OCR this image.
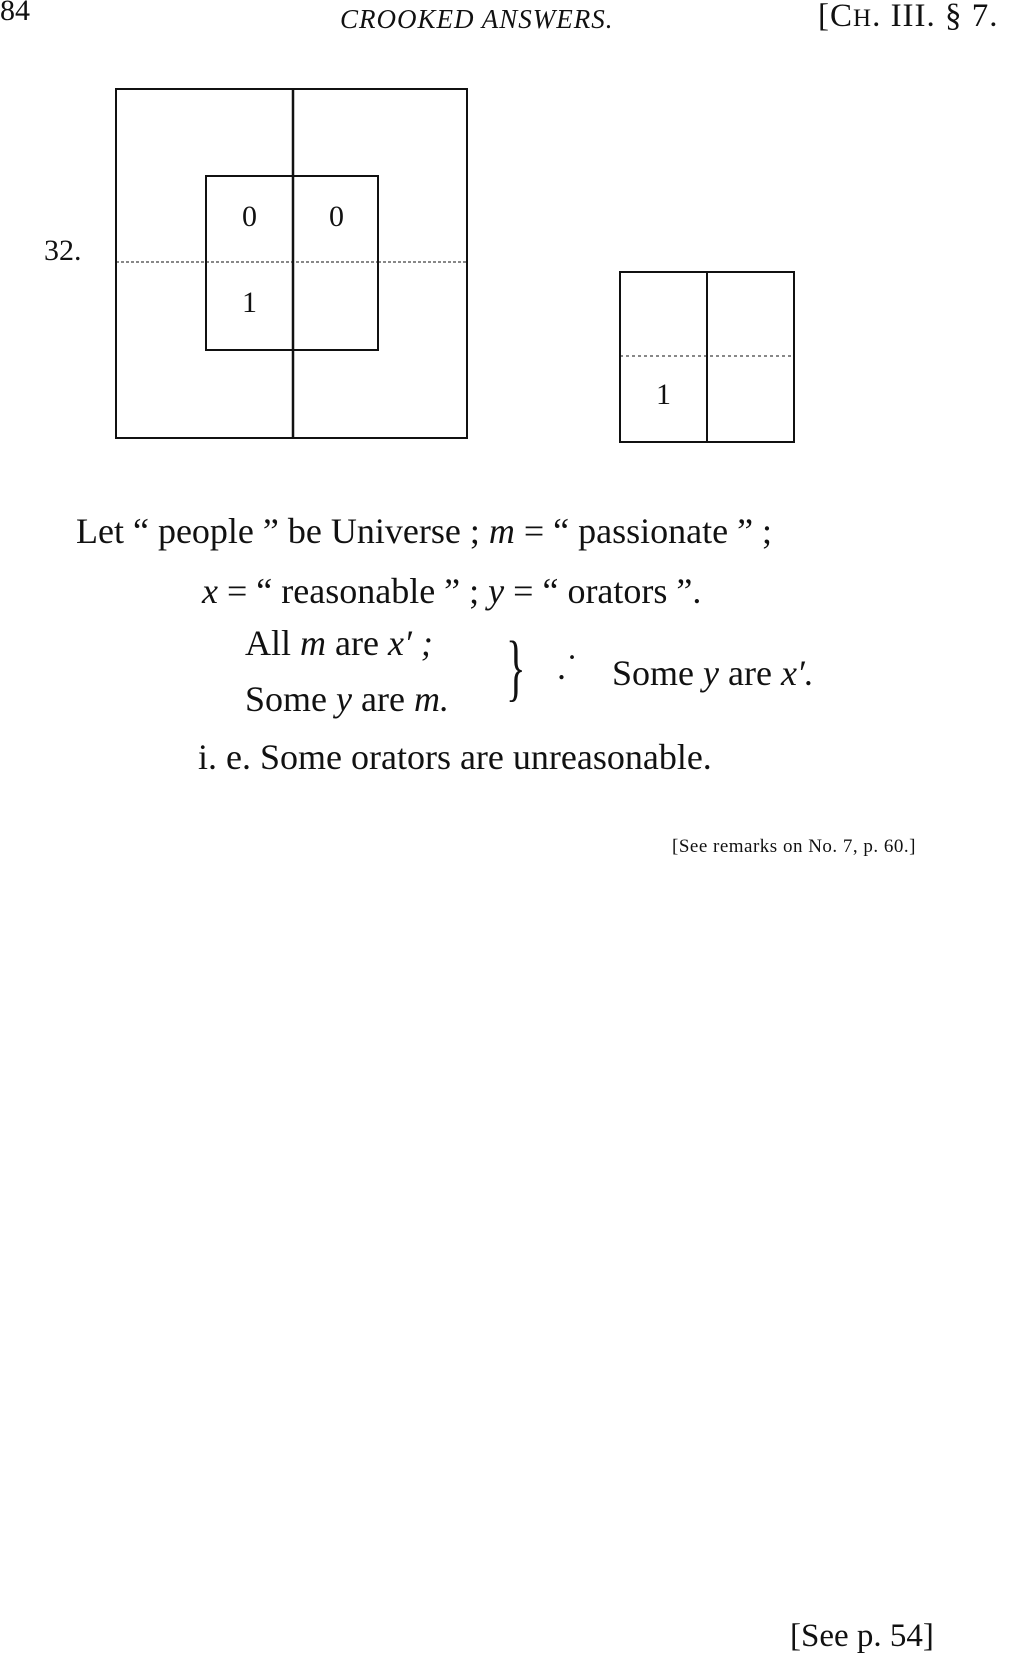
84	CROOKED ANSWERS.	[CH. III. § 7.
32.
0 0
1
1
Let “ people ” be Universe ; m = “ passionate ” ;
x = “ reasonable ” ; y = “ orators ”.
All m are x′ ;
Some y are m. } .˙ Some y are x′.
i. e. Some orators are unreasonable.
[See remarks on No. 7, p. 60.]
[See p. 54]
